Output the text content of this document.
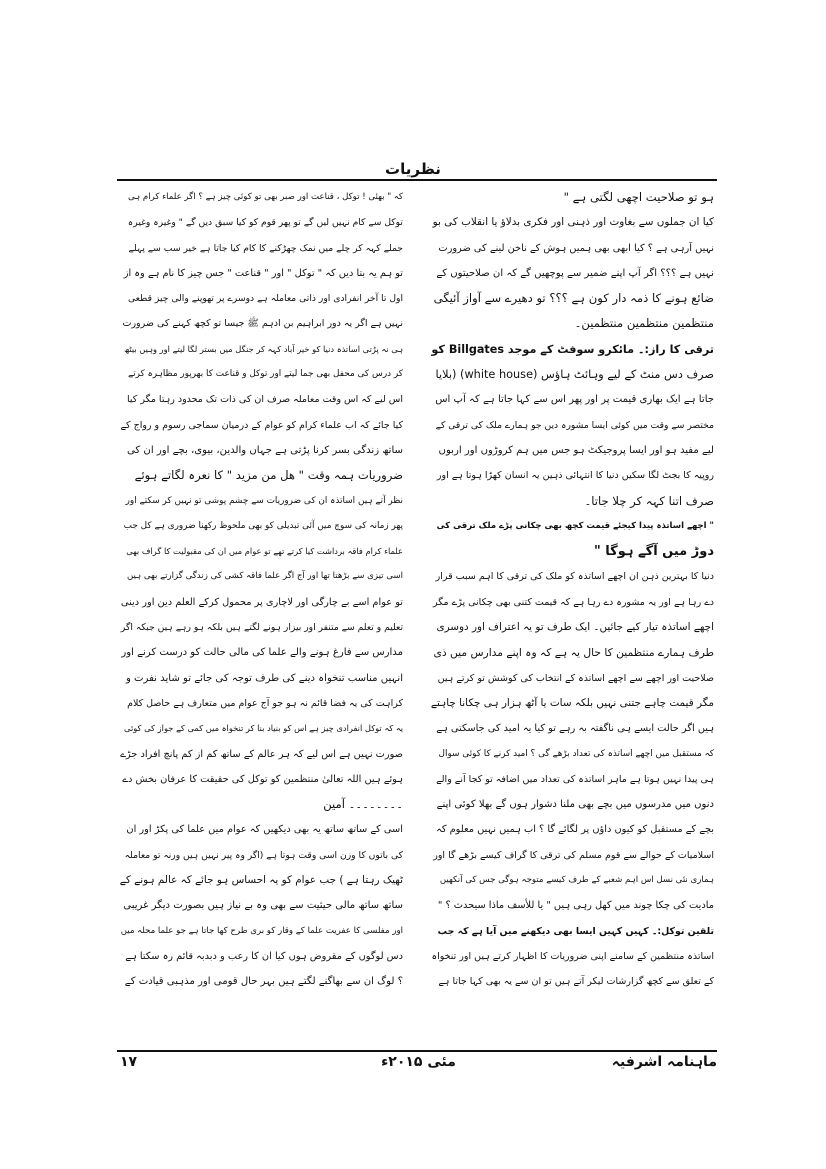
نظریات
ہو تو صلاحیت اچھی لگتی ہے "
کیا ان جملوں سے بغاوت اور ذہنی اور فکری بدلاؤ یا انقلاب کی بو
نہیں آرہی ہے ؟ کیا ابھی بھی ہمیں ہوش کے ناخن لینے کی ضرورت
نہیں ہے ؟؟؟ اگر آپ اپنے ضمیر سے پوچھیں گے کہ ان صلاحیتوں کے
ضائع ہونے کا ذمہ دار کون ہے ؟؟؟ تو دھیرے سے آواز آئیگی
منتظمین منتظمین منتظمین۔
ترقی کا راز:۔ مائکرو سوفٹ کے موجد Billgates کو
صرف دس منٹ کے لیے وہائٹ ہاؤس (white house) (بلایا
جاتا ہے ایک بھاری قیمت پر اور پھر اس سے کہا جاتا ہے کہ آپ اس
مختصر سے وقت میں کوئی ایسا مشورہ دیں جو ہمارے ملک کی ترقی کے
لیے مفید ہو اور ایسا پروجیکٹ ہو جس میں ہم کروڑوں اور اربوں
روپیہ کا بجٹ لگا سکیں دنیا کا انتہائی ذہین یہ انسان کھڑا ہوتا ہے اور
صرف اتنا کہہ کر چلا جاتا۔
" اچھے اساتذہ پیدا کیجئے قیمت کچھ بھی چکانی پڑے ملک ترقی کی
دوڑ میں آگے ہوگا "
دنیا کا بہترین ذہن ان اچھے اساتذہ کو ملک کی ترقی کا اہم سبب قرار
دے رہا ہے اور یہ مشورہ دے رہا ہے کہ قیمت کتنی بھی چکانی پڑے مگر
اچھے اساتذہ تیار کیے جائیں۔ ایک طرف تو یہ اعتراف اور دوسری
طرف ہمارے منتظمین کا حال یہ ہے کہ وہ اپنے مدارس میں ذی
صلاحیت اور اچھے سے اچھے اساتذہ کے انتخاب کی کوشش تو کرتے ہیں
مگر قیمت چاہے جتنی نہیں بلکہ سات یا آٹھ ہزار ہی چکانا چاہتے
ہیں اگر حالت ایسے ہی ناگفتہ بہ رہے تو کیا یہ امید کی جاسکتی ہے
کہ مستقبل میں اچھے اساتذہ کی تعداد بڑھے گی ؟ امید کرنے کا کوئی سوال
ہی پیدا نہیں ہوتا ہے ماہر اساتذہ کی تعداد میں اضافہ تو کجا آنے والے
دنوں میں مدرسوں میں بچے بھی ملنا دشوار ہوں گے بھلا کوئی اپنے
بچے کے مستقبل کو کیوں داؤں پر لگائے گا ؟ اب ہمیں نہیں معلوم کہ
اسلامیات کے حوالے سے قوم مسلم کی ترقی کا گراف کیسے بڑھے گا اور
ہماری نئی نسل اس اہم شعبے کے طرف کیسے متوجہ ہوگی جس کی آنکھیں
مادیت کی چکا چوند میں کھل رہی ہیں " یا للأسف ماذا سیحدث ؟ "
تلقین توکل:۔ کہیں کہیں ایسا بھی دیکھنے میں آیا ہے کہ جب
اساتذہ منتظمین کے سامنے اپنی ضروریات کا اظہار کرتے ہیں اور تنخواہ
کے تعلق سے کچھ گزارشات لیکر آتے ہیں تو ان سے یہ بھی کہا جاتا ہے
کہ " بھئی ! توکل ، قناعت اور صبر بھی تو کوئی چیز ہے ؟ اگر علماء کرام ہی
توکل سے کام نہیں لیں گے تو پھر قوم کو کیا سبق دیں گے " وغیرہ وغیرہ
جملے کہہ کر چلے میں نمک چھڑکنے کا کام کیا جاتا ہے خیر سب سے پہلے
تو ہم یہ بتا دیں کہ " توکل " اور " قناعت " جس چیز کا نام ہے وہ از
اول تا آخر انفرادی اور ذاتی معاملہ ہے دوسرے پر تھوپنے والی چیز قطعی
نہیں ہے اگر یہ دور ابراہیم بن ادہم ﷺ جیسا تو کچھ کہنے کی ضرورت
ہی نہ پڑتی اساتذہ دنیا کو خیر آباد کہہ کر جنگل میں بستر لگا لیتے اور وہیں بیٹھ
کر درس کی محفل بھی جما لیتے اور توکل و قناعت کا بھرپور مظاہرہ کرتے
اس لیے کہ اس وقت معاملہ صرف ان کی ذات تک محدود رہتا مگر کیا
کیا جائے کہ اب علماء کرام کو عوام کے درمیان سماجی رسوم و رواج کے
ساتھ زندگی بسر کرنا پڑتی ہے جہاں والدین، بیوی، بچے اور ان کی
ضروریات ہمہ وقت " ھل من مزید " کا نعرہ لگاتے ہوئے
نظر آتے ہیں اساتذہ ان کی ضروریات سے چشم پوشی تو نہیں کر سکتے اور
پھر زمانہ کی سوچ میں آئی تبدیلی کو بھی ملحوظ رکھنا ضروری ہے کل جب
علماء کرام فاقہ برداشت کیا کرتے تھے تو عوام میں ان کی مقبولیت کا گراف بھی
اسی تیزی سے بڑھتا تھا اور آج اگر علما فاقہ کشی کی زندگی گزارتے بھی ہیں
تو عوام اسے بے چارگی اور لاچاری پر محمول کرکے العلم دین اور دینی
تعلیم و تعلم سے متنفر اور بیزار ہونے لگتے ہیں بلکہ ہو رہے ہیں جبکہ اگر
مدارس سے فارغ ہونے والے علما کی مالی حالت کو درست کرنے اور
انہیں مناسب تنخواہ دینے کی طرف توجہ کی جائے تو شاید نفرت و
کراہت کی یہ فضا قائم نہ ہو جو آج عوام میں متعارف ہے حاصل کلام
یہ کہ توکل انفرادی چیز ہے اس کو بنیاد بنا کر تنخواہ میں کمی کے جواز کی کوئی
صورت نہیں ہے اس لیے کہ ہر عالم کے ساتھ کم از کم پانچ افراد جڑے
ہوئے ہیں اللہ تعالیٰ منتظمین کو توکل کی حقیقت کا عرفان بخش دے
۔۔۔۔۔۔۔۔ آمین
اسی کے ساتھ ساتھ یہ بھی دیکھیں کہ عوام میں علما کی پکڑ اور ان
کی باتوں کا وزن اسی وقت ہوتا ہے (اگر وہ پیر نہیں ہیں ورنہ تو معاملہ
ٹھیک رہتا ہے ) جب عوام کو یہ احساس ہو جائے کہ عالم ہونے کے
ساتھ ساتھ مالی حیثیت سے بھی وہ بے نیاز ہیں بصورت دیگر غریبی
اور مفلسی کا عفریت علما کے وقار کو بری طرح کھا جاتا ہے جو علما محلہ میں
دس لوگوں کے مقروض ہوں کیا ان کا رعب و دبدبہ قائم رہ سکتا ہے
؟ لوگ ان سے بھاگنے لگتے ہیں بہر حال قومی اور مذہبی قیادت کے
ماہنامہ اشرفیہ
مئی ۲۰۱۵ء
۱۷
